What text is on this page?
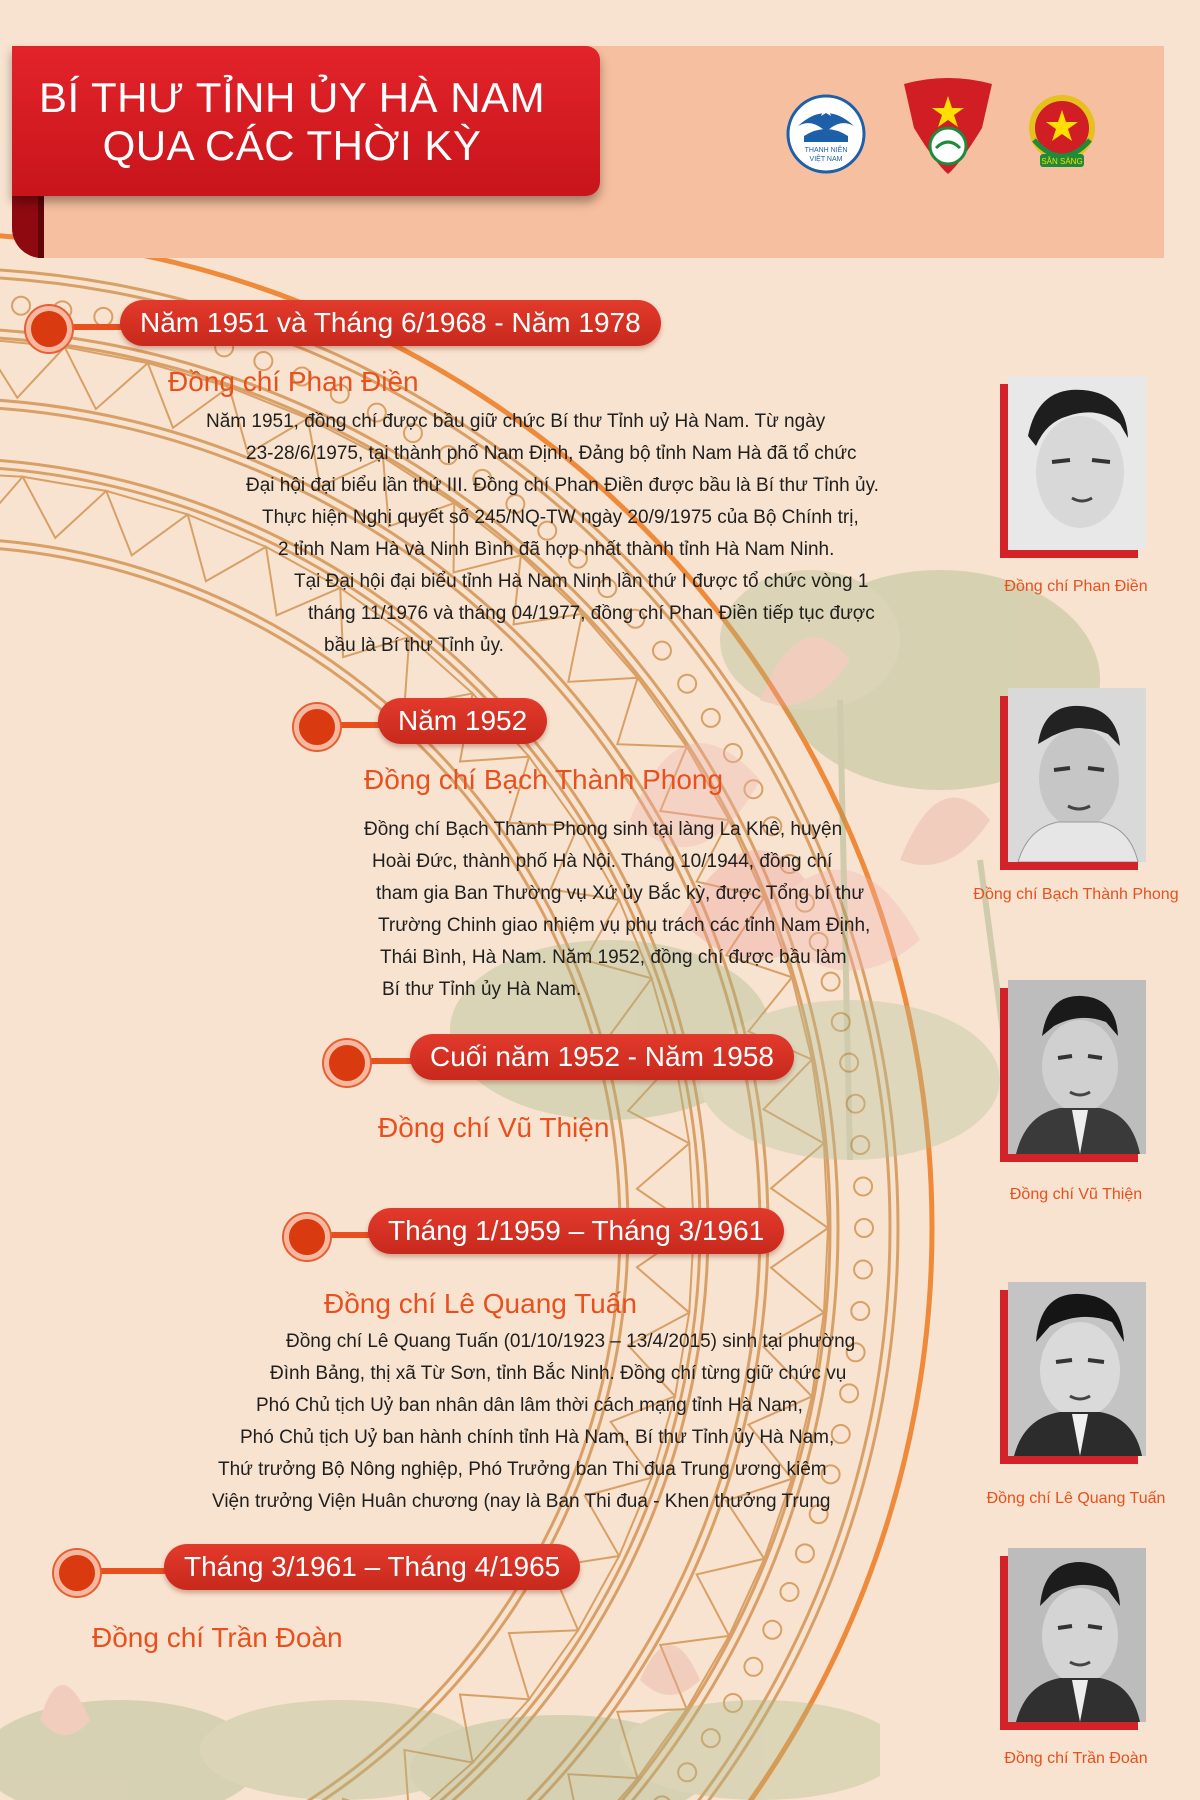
BÍ THƯ TỈNH ỦY HÀ NAM
QUA CÁC THỜI KỲ	THANH NIÊN
VIỆT NAM	SẴN SÀNG
Năm 1951 và Tháng 6/1968 - Năm 1978
Đồng chí Phan Điền
Năm 1951, đồng chí được bầu giữ chức Bí thư Tỉnh uỷ Hà Nam. Từ ngày
23-28/6/1975, tại thành phố Nam Định, Đảng bộ tỉnh Nam Hà đã tổ chức
Đại hội đại biểu lần thứ III. Đồng chí Phan Điền được bầu là Bí thư Tỉnh ủy.
Thực hiện Nghị quyết số 245/NQ-TW ngày 20/9/1975 của Bộ Chính trị,
2 tỉnh Nam Hà và Ninh Bình đã hợp nhất thành tỉnh Hà Nam Ninh.
Tại Đại hội đại biểu tỉnh Hà Nam Ninh lần thứ I được tổ chức vòng 1
tháng 11/1976 và tháng 04/1977, đồng chí Phan Điền tiếp tục được
bầu là Bí thư Tỉnh ủy.
Đồng chí Phan Điền
Năm 1952
Đồng chí Bạch Thành Phong
Đồng chí Bạch Thành Phong sinh tại làng La Khê, huyện
Hoài Đức, thành phố Hà Nội. Tháng 10/1944, đồng chí
tham gia Ban Thường vụ Xứ ủy Bắc kỳ, được Tổng bí thư
Trường Chinh giao nhiệm vụ phụ trách các tỉnh Nam Định,
Thái Bình, Hà Nam. Năm 1952, đồng chí được bầu làm
Bí thư Tỉnh ủy Hà Nam.
Đồng chí Bạch Thành Phong
Cuối năm 1952 - Năm 1958
Đồng chí Vũ Thiện
Đồng chí Vũ Thiện
Tháng 1/1959 – Tháng 3/1961
Đồng chí Lê Quang Tuấn
Đồng chí Lê Quang Tuấn (01/10/1923 – 13/4/2015) sinh tại phường
Đình Bảng, thị xã Từ Sơn, tỉnh Bắc Ninh. Đồng chí từng giữ chức vụ
Phó Chủ tịch Uỷ ban nhân dân lâm thời cách mạng tỉnh Hà Nam,
Phó Chủ tịch Uỷ ban hành chính tỉnh Hà Nam, Bí thư Tỉnh ủy Hà Nam,
Thứ trưởng Bộ Nông nghiệp, Phó Trưởng ban Thi đua Trung ương kiêm
Viện trưởng Viện Huân chương (nay là Ban Thi đua - Khen thưởng Trung	Đồng chí Lê Quang Tuấn
Tháng 3/1961 – Tháng 4/1965
Đồng chí Trần Đoàn
Đồng chí Trần Đoàn
